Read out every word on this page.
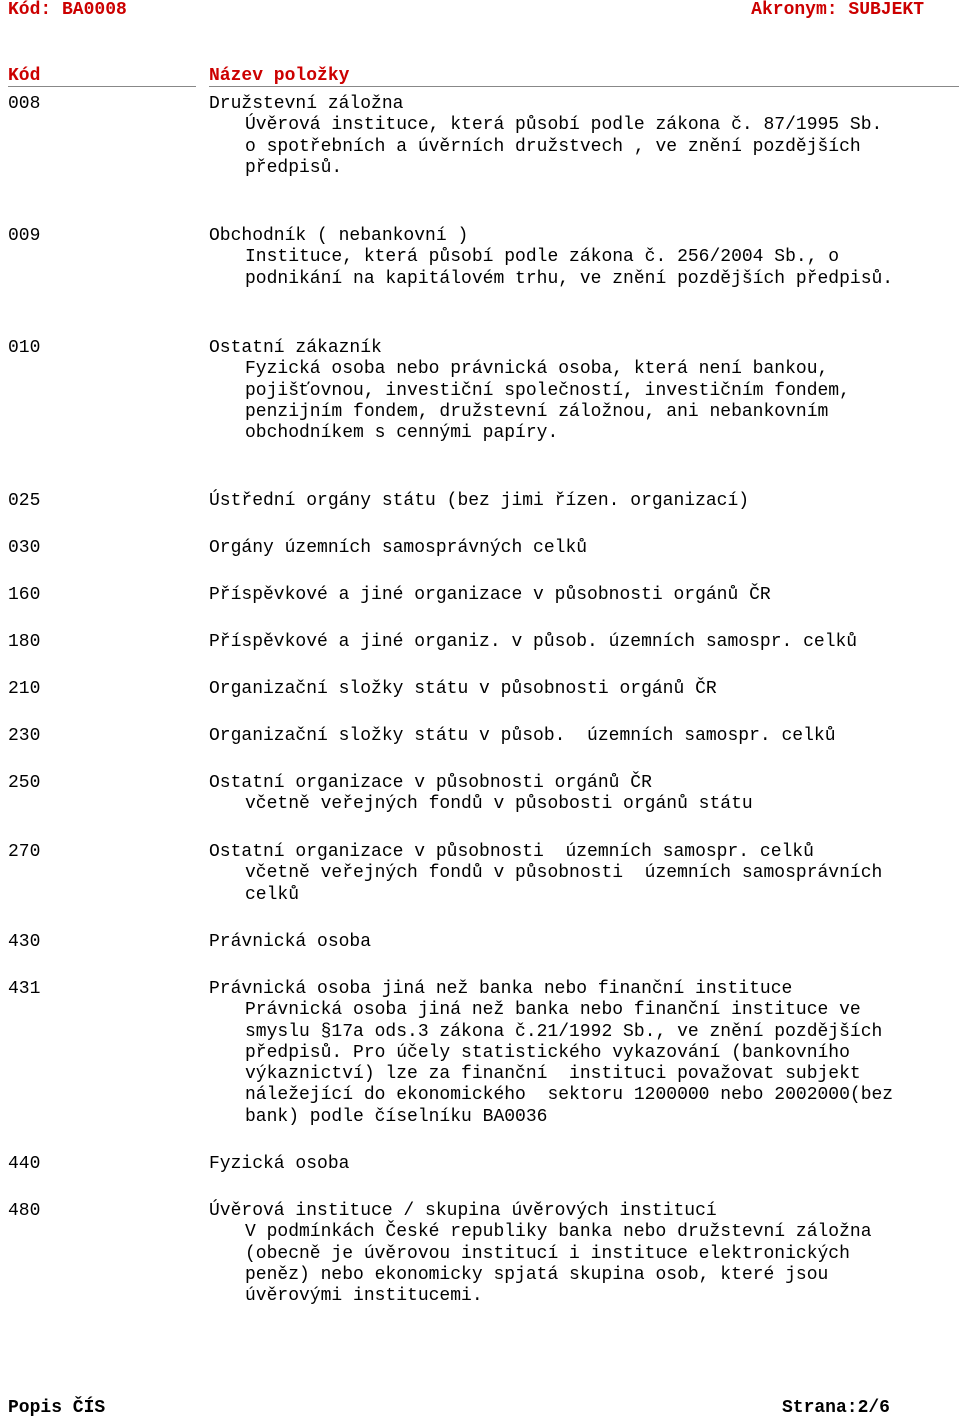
Kód: BA0008	Akronym: SUBJEKT
Kód	Název položky
008	Družstevní záložna
Úvěrová instituce, která působí podle zákona č. 87/1995 Sb.
o spotřebních a úvěrních družstvech , ve znění pozdějších
předpisů.
009	Obchodník ( nebankovní )
Instituce, která působí podle zákona č. 256/2004 Sb., o
podnikání na kapitálovém trhu, ve znění pozdějších předpisů.
010	Ostatní zákazník
Fyzická osoba nebo právnická osoba, která není bankou,
pojišťovnou, investiční společností, investičním fondem,
penzijním fondem, družstevní záložnou, ani nebankovním
obchodníkem s cennými papíry.
025	Ústřední orgány státu (bez jimi řízen. organizací)
030	Orgány územních samosprávných celků
160	Příspěvkové a jiné organizace v působnosti orgánů ČR
180	Příspěvkové a jiné organiz. v působ. územních samospr. celků
210	Organizační složky státu v působnosti orgánů ČR
230	Organizační složky státu v působ.  územních samospr. celků
250	Ostatní organizace v působnosti orgánů ČR
včetně veřejných fondů v působosti orgánů státu
270	Ostatní organizace v působnosti  územních samospr. celků
včetně veřejných fondů v působnosti  územních samosprávních
celků
430	Právnická osoba
431	Právnická osoba jiná než banka nebo finanční instituce
Právnická osoba jiná než banka nebo finanční instituce ve
smyslu §17a ods.3 zákona č.21/1992 Sb., ve znění pozdějších
předpisů. Pro účely statistického vykazování (bankovního
výkaznictví) lze za finanční  instituci považovat subjekt
náležející do ekonomického  sektoru 1200000 nebo 2002000(bez
bank) podle číselníku BA0036
440	Fyzická osoba
480	Úvěrová instituce / skupina úvěrových institucí
V podmínkách České republiky banka nebo družstevní záložna
(obecně je úvěrovou institucí i instituce elektronických
peněz) nebo ekonomicky spjatá skupina osob, které jsou
úvěrovými institucemi.
Popis ČÍS	Strana:2/6
